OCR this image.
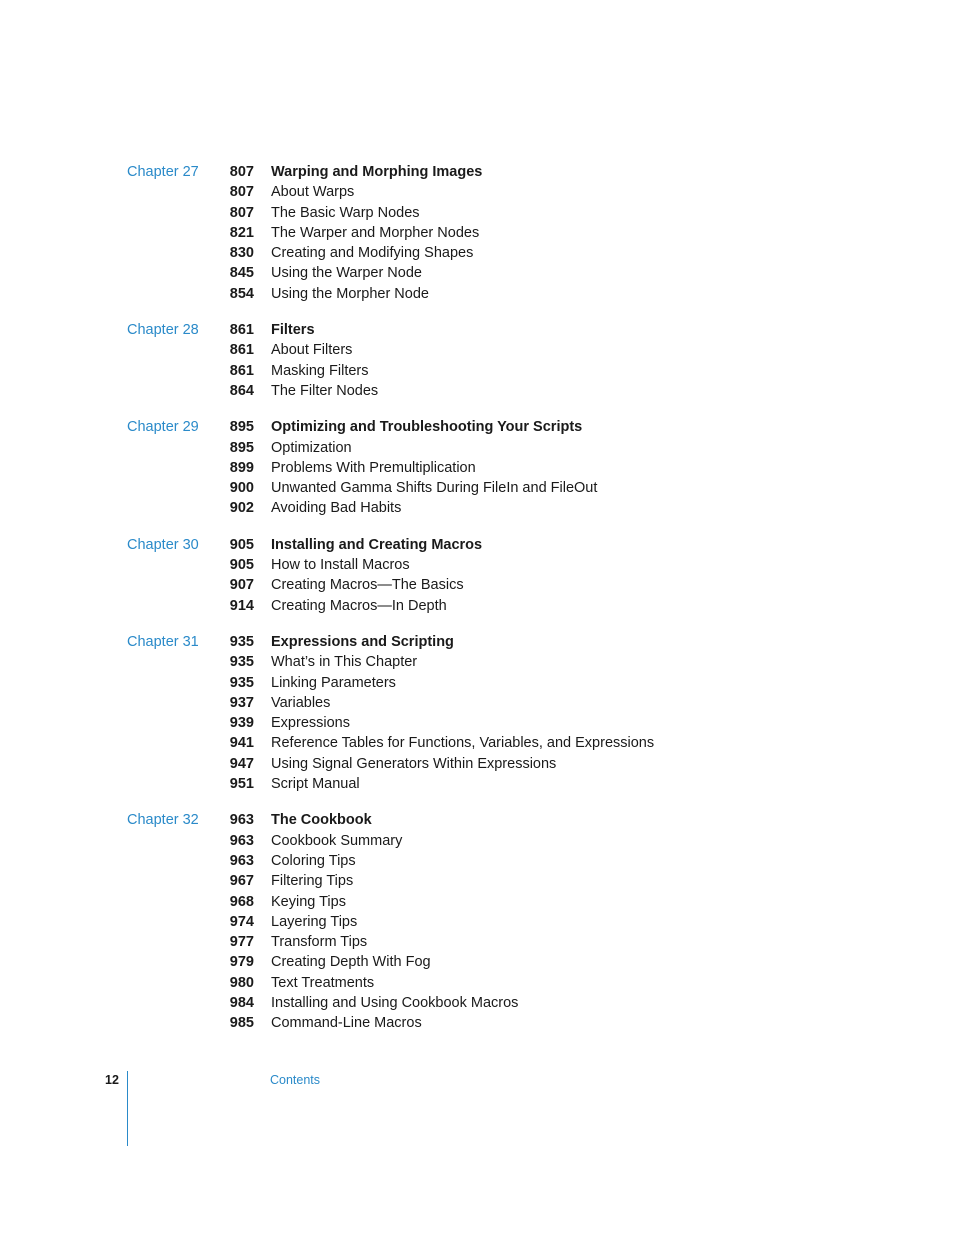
Chapter 27 807 Warping and Morphing Images
807 About Warps
807 The Basic Warp Nodes
821 The Warper and Morpher Nodes
830 Creating and Modifying Shapes
845 Using the Warper Node
854 Using the Morpher Node
Chapter 28 861 Filters
861 About Filters
861 Masking Filters
864 The Filter Nodes
Chapter 29 895 Optimizing and Troubleshooting Your Scripts
895 Optimization
899 Problems With Premultiplication
900 Unwanted Gamma Shifts During FileIn and FileOut
902 Avoiding Bad Habits
Chapter 30 905 Installing and Creating Macros
905 How to Install Macros
907 Creating Macros—The Basics
914 Creating Macros—In Depth
Chapter 31 935 Expressions and Scripting
935 What’s in This Chapter
935 Linking Parameters
937 Variables
939 Expressions
941 Reference Tables for Functions, Variables, and Expressions
947 Using Signal Generators Within Expressions
951 Script Manual
Chapter 32 963 The Cookbook
963 Cookbook Summary
963 Coloring Tips
967 Filtering Tips
968 Keying Tips
974 Layering Tips
977 Transform Tips
979 Creating Depth With Fog
980 Text Treatments
984 Installing and Using Cookbook Macros
985 Command-Line Macros
12	Contents
